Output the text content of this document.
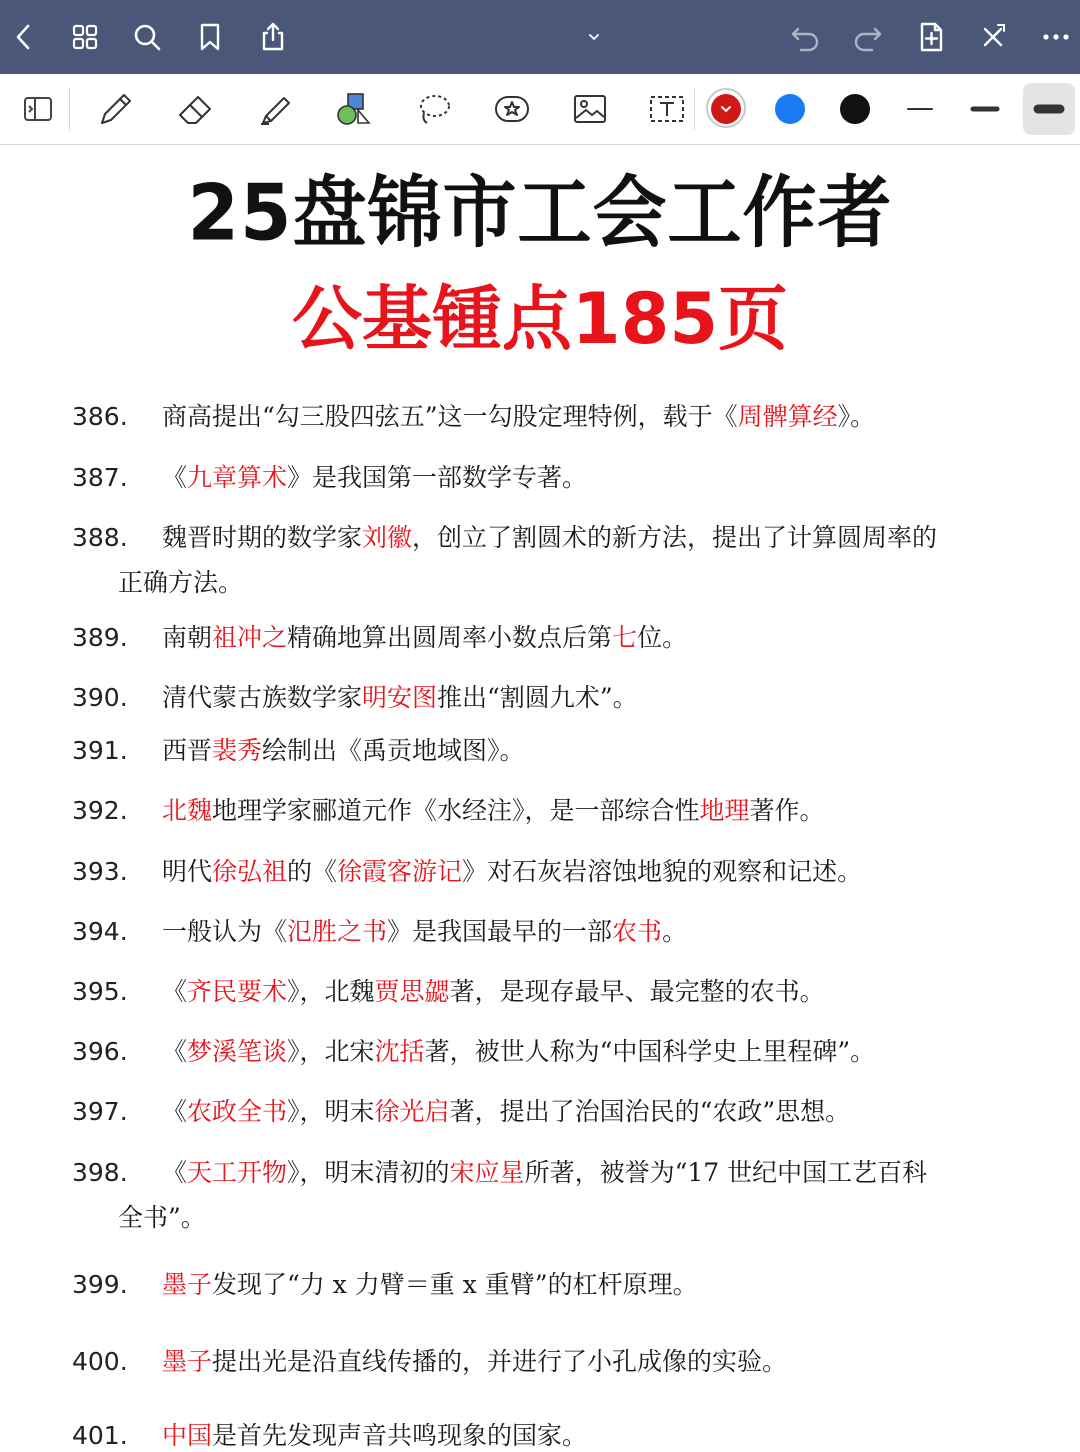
25盘锦市工会工作者
公基锺点185页
386. 商高提出“勾三股四弦五”这一勾股定理特例，载于《周髀算经》。
387. 《九章算术》是我国第一部数学专著。
388. 魏晋时期的数学家刘徽，创立了割圆术的新方法，提出了计算圆周率的
正确方法。
389. 南朝祖冲之精确地算出圆周率小数点后第七位。
390. 清代蒙古族数学家明安图推出“割圆九术”。
391. 西晋裴秀绘制出《禹贡地域图》。
392. 北魏地理学家郦道元作《水经注》，是一部综合性地理著作。
393. 明代徐弘祖的《徐霞客游记》对石灰岩溶蚀地貌的观察和记述。
394. 一般认为《氾胜之书》是我国最早的一部农书。
395. 《齐民要术》，北魏贾思勰著，是现存最早、最完整的农书。
396. 《梦溪笔谈》，北宋沈括著，被世人称为“中国科学史上里程碑”。
397. 《农政全书》，明末徐光启著，提出了治国治民的“农政”思想。
398. 《天工开物》，明末清初的宋应星所著，被誉为“17 世纪中国工艺百科
全书”。
399. 墨子发现了“力 x 力臂＝重 x 重臂”的杠杆原理。
400. 墨子提出光是沿直线传播的，并进行了小孔成像的实验。
401. 中国是首先发现声音共鸣现象的国家。
